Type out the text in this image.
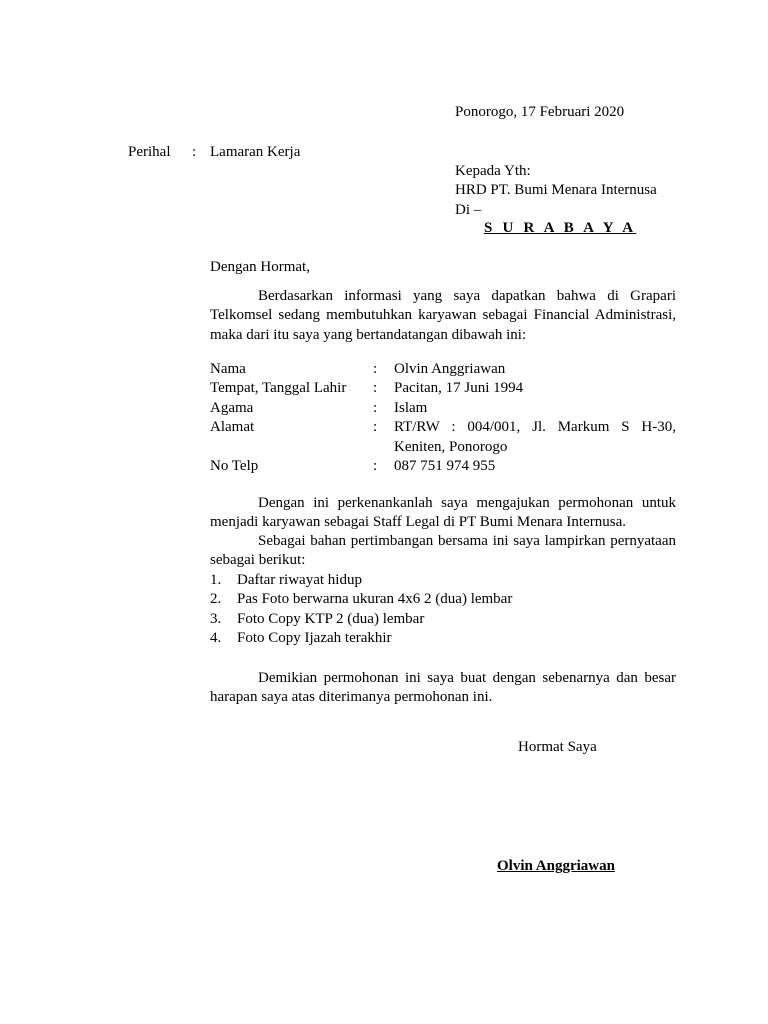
Ponorogo, 17 Februari 2020
Perihal : Lamaran Kerja
Kepada Yth:
HRD PT. Bumi Menara Internusa
Di –
S U R A B A Y A
Dengan Hormat,
Berdasarkan informasi yang saya dapatkan bahwa di Grapari Telkomsel sedang membutuhkan karyawan sebagai Financial Administrasi, maka dari itu saya yang bertandatangan dibawah ini:
Nama	:	Olvin Anggriawan
Tempat, Tanggal Lahir	:	Pacitan, 17 Juni 1994
Agama	:	Islam
Alamat	:	RT/RW : 004/001, Jl. Markum S H-30, Keniten, Ponorogo
No Telp	:	087 751 974 955
Dengan ini perkenankanlah saya mengajukan permohonan untuk menjadi karyawan sebagai Staff Legal di PT Bumi Menara Internusa.
Sebagai bahan pertimbangan bersama ini saya lampirkan pernyataan sebagai berikut:
1.	Daftar riwayat hidup
2.	Pas Foto berwarna ukuran 4x6 2 (dua) lembar
3.	Foto Copy KTP 2 (dua) lembar
4.	Foto Copy Ijazah terakhir
Demikian permohonan ini saya buat dengan sebenarnya dan besar harapan saya atas diterimanya permohonan ini.
Hormat Saya
Olvin Anggriawan
